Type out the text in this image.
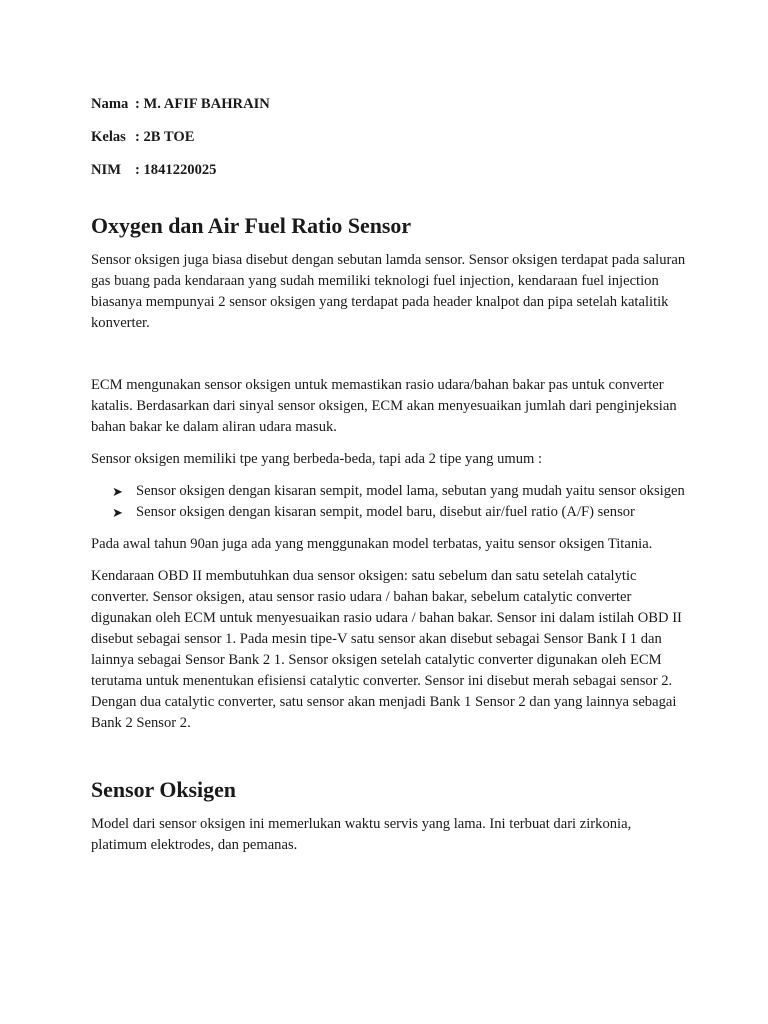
Nama : M. AFIF BAHRAIN
Kelas : 2B TOE
NIM : 1841220025
Oxygen dan Air Fuel Ratio Sensor

Sensor oksigen juga biasa disebut dengan sebutan lamda sensor. Sensor oksigen terdapat pada saluran gas buang pada kendaraan yang sudah memiliki teknologi fuel injection, kendaraan fuel injection biasanya mempunyai 2 sensor oksigen yang terdapat pada header knalpot dan pipa setelah katalitik konverter.

ECM mengunakan sensor oksigen untuk memastikan rasio udara/bahan bakar pas untuk converter katalis. Berdasarkan dari sinyal sensor oksigen, ECM akan menyesuaikan jumlah dari penginjeksian bahan bakar ke dalam aliran udara masuk.

Sensor oksigen memiliki tpe yang berbeda-beda, tapi ada 2 tipe yang umum :

➤ Sensor oksigen dengan kisaran sempit, model lama, sebutan yang mudah yaitu sensor oksigen
➤ Sensor oksigen dengan kisaran sempit, model baru, disebut air/fuel ratio (A/F) sensor

Pada awal tahun 90an juga ada yang menggunakan model terbatas, yaitu sensor oksigen Titania.

Kendaraan OBD II membutuhkan dua sensor oksigen: satu sebelum dan satu setelah catalytic converter. Sensor oksigen, atau sensor rasio udara / bahan bakar, sebelum catalytic converter digunakan oleh ECM untuk menyesuaikan rasio udara / bahan bakar. Sensor ini dalam istilah OBD II disebut sebagai sensor 1. Pada mesin tipe-V satu sensor akan disebut sebagai Sensor Bank I 1 dan lainnya sebagai Sensor Bank 2 1. Sensor oksigen setelah catalytic converter digunakan oleh ECM terutama untuk menentukan efisiensi catalytic converter. Sensor ini disebut merah sebagai sensor 2. Dengan dua catalytic converter, satu sensor akan menjadi Bank 1 Sensor 2 dan yang lainnya sebagai Bank 2 Sensor 2.

Sensor Oksigen

Model dari sensor oksigen ini memerlukan waktu servis yang lama. Ini terbuat dari zirkonia, platimum elektrodes, dan pemanas.
